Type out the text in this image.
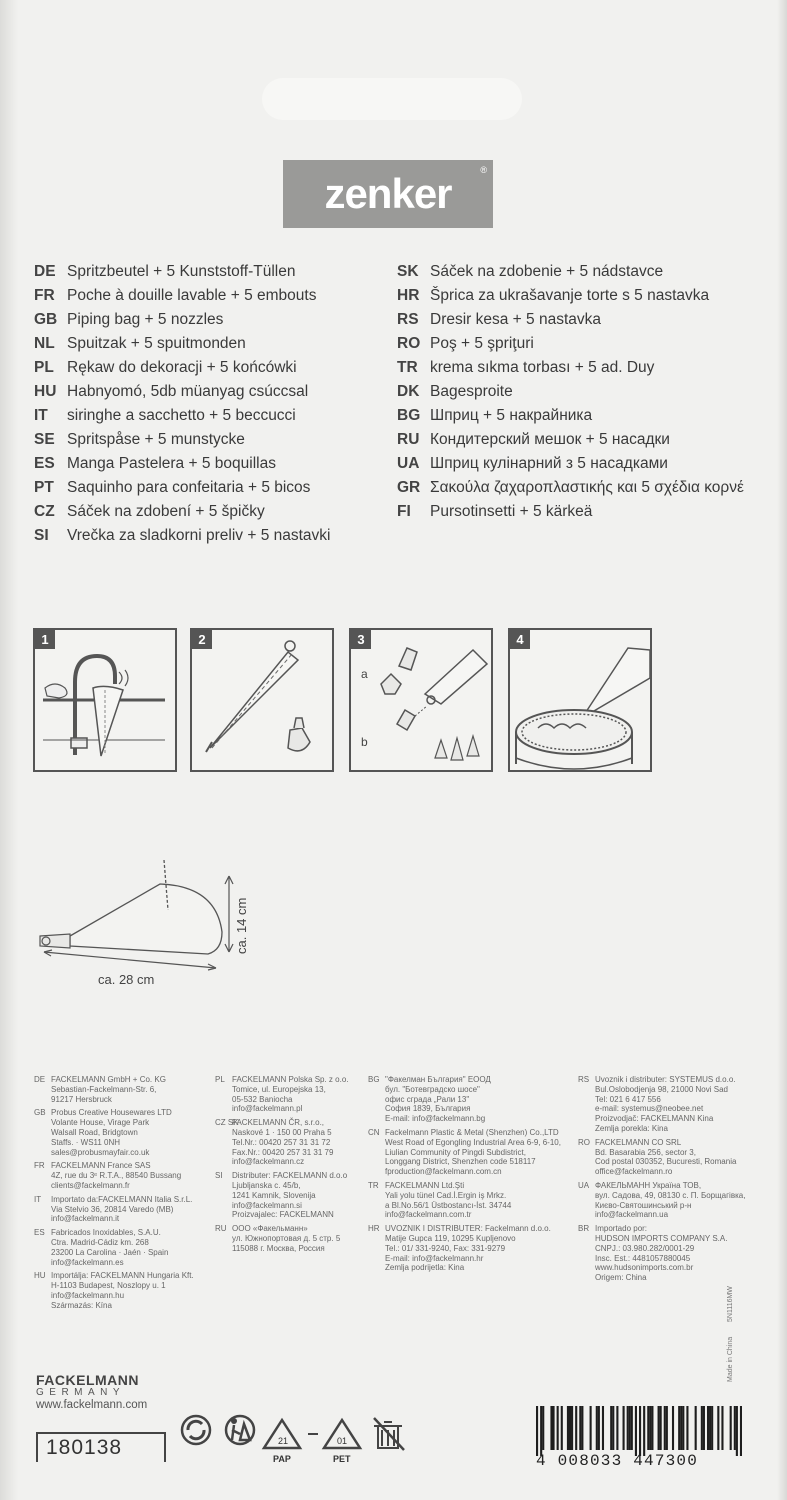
zenker	®
DE Spritzbeutel + 5 Kunststoff-Tüllen
FR Poche à douille lavable + 5 embouts
GB Piping bag + 5 nozzles
NL Spuitzak + 5 spuitmonden
PL Rękaw do dekoracji + 5 końcówki
HU Habnyomó, 5db müanyag csúccsal
IT siringhe a sacchetto + 5 beccucci
SE Spritspåse + 5 munstycke
ES Manga Pastelera + 5 boquillas
PT Saquinho para confeitaria + 5 bicos
CZ Sáček na zdobení + 5 špičky
SI Vrečka za sladkorni preliv + 5 nastavki
SK Sáček na zdobenie + 5 nádstavce
HR Šprica za ukrašavanje torte s 5 nastavka
RS Dresir kesa + 5 nastavka
RO Poş + 5 şpriţuri
TR krema sıkma torbası + 5 ad. Duy
DK Bagesproite
BG Шприц + 5 накрайника
RU Кондитерский мешок + 5 насадки
UA Шприц кулінарний з 5 насадками
GR Σακούλα ζαχαροπλαστικής και 5 σχέδια κορνέ
FI Pursotinsetti + 5 kärkeä
1	2	3
a
b
4
ca. 28 cm
ca. 14 cm
DE FACKELMANN GmbH + Co. KG
Sebastian-Fackelmann-Str. 6,
91217 Hersbruck
GB Probus Creative Housewares LTD
Volante House, Virage Park
Walsall Road, Bridgtown
Staffs. · WS11 0NH
sales@probusmayfair.co.uk
FR FACKELMANN France SAS
4Z, rue du 3ᵉ R.T.A., 88540 Bussang
clients@fackelmann.fr
IT Importato da:FACKELMANN Italia S.r.L.
Via Stelvio 36, 20814 Varedo (MB)
info@fackelmann.it
ES Fabricados Inoxidables, S.A.U.
Ctra. Madrid-Cádiz km. 268
23200 La Carolina · Jaén · Spain
info@fackelmann.es
HU Importálja: FACKELMANN Hungaria Kft.
H-1103 Budapest, Noszlopy u. 1
info@fackelmann.hu
Származás: Kína
PL FACKELMANN Polska Sp. z o.o.
Tomice, ul. Europejska 13,
05-532 Baniocha
info@fackelmann.pl
CZ SKFACKELMANN ČR, s.r.o.,
Naskové 1 · 150 00 Praha 5
Tel.Nr.: 00420 257 31 31 72
Fax.Nr.: 00420 257 31 31 79
info@fackelmann.cz
SI Distributer: FACKELMANN d.o.o
Ljubljanska c. 45/b,
1241 Kamnik, Slovenija
info@fackelmann.si
Proizvajalec: FACKELMANN
RU ООО «Факельманн»
ул. Южнопортовая д. 5 стр. 5
115088 г. Москва, Россия
BG "Факелман България" ЕООД
бул. "Ботевградско шосе"
офис сграда „Рали 13"
София 1839, България
E-mail: info@fackelmann.bg
CN Fackelmann Plastic & Metal (Shenzhen) Co.,LTD
West Road of Egongling Industrial Area 6-9, 6-10,
Liulian Community of Pingdi Subdistrict,
Longgang District, Shenzhen code 518117
fproduction@fackelmann.com.cn
TR FACKELMANN Ltd.Şti
Yali yolu tünel Cad.İ.Ergin iş Mrkz.
a Bl.No.56/1 Üstbostancı-İst. 34744
info@fackelmann.com.tr
HR UVOZNIK I DISTRIBUTER: Fackelmann d.o.o.
Matije Gupca 119, 10295 Kupljenovo
Tel.: 01/ 331-9240, Fax: 331-9279
E-mail: info@fackelmann.hr
Zemlja podrijetla: Kina
RS Uvoznik i distributer: SYSTEMUS d.o.o.
Bul.Oslobodjenja 98, 21000 Novi Sad
Tel: 021 6 417 556
e-mail: systemus@neobee.net
Proizvodjač: FACKELMANN Kina
Zemlja porekla: Kina
RO FACKELMANN CO SRL
Bd. Basarabia 256, sector 3,
Cod postal 030352, Bucuresti, Romania
office@fackelmann.ro
UA ФАКЕЛЬМАНН Україна ТОВ,
вул. Садова, 49, 08130 с. П. Борщагівка,
Києво-Святошинський р-н
info@fackelmann.ua
BR Importado por:
HUDSON IMPORTS COMPANY S.A.
CNPJ.: 03.980.282/0001-29
Insc. Est.: 4481057880045
www.hudsonimports.com.br
Origem: China
FACKELMANN
GERMANY
www.fackelmann.com
180138	21
PAP
01
PET
5N1116MW
Made in China
4 008033 447300
